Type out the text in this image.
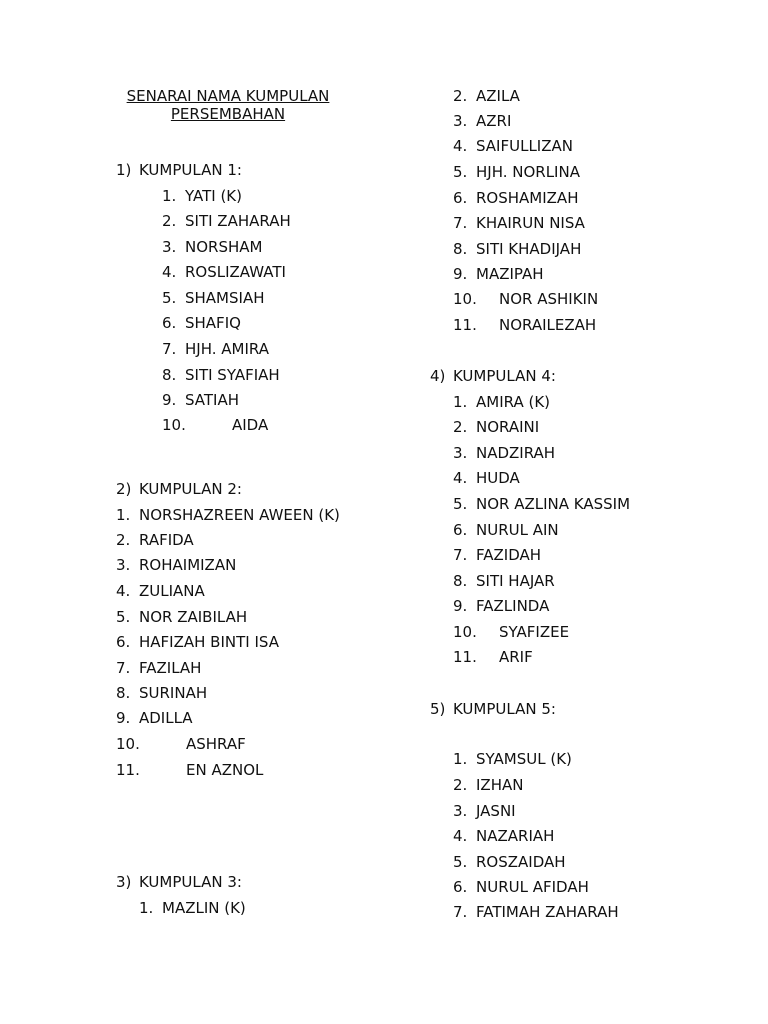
SENARAI NAMA KUMPULAN
PERSEMBAHAN
1) KUMPULAN 1:
1. YATI (K)
2. SITI ZAHARAH
3. NORSHAM
4. ROSLIZAWATI
5. SHAMSIAH
6. SHAFIQ
7. HJH. AMIRA
8. SITI SYAFIAH
9. SATIAH
10.	AIDA
2) KUMPULAN 2:
1. NORSHAZREEN AWEEN (K)
2. RAFIDA
3. ROHAIMIZAN
4. ZULIANA
5. NOR ZAIBILAH
6. HAFIZAH BINTI ISA
7. FAZILAH
8. SURINAH
9. ADILLA
10.	ASHRAF
11.	EN AZNOL
3) KUMPULAN 3:
1. MAZLIN (K)
2. AZILA
3. AZRI
4. SAIFULLIZAN
5. HJH. NORLINA
6. ROSHAMIZAH
7. KHAIRUN NISA
8. SITI KHADIJAH
9. MAZIPAH
10. NOR ASHIKIN
11. NORAILEZAH
4) KUMPULAN 4:
1. AMIRA (K)
2. NORAINI
3. NADZIRAH
4. HUDA
5. NOR AZLINA KASSIM
6. NURUL AIN
7. FAZIDAH
8. SITI HAJAR
9. FAZLINDA
10. SYAFIZEE
11. ARIF
5) KUMPULAN 5:
1. SYAMSUL (K)
2. IZHAN
3. JASNI
4. NAZARIAH
5. ROSZAIDAH
6. NURUL AFIDAH
7. FATIMAH ZAHARAH
